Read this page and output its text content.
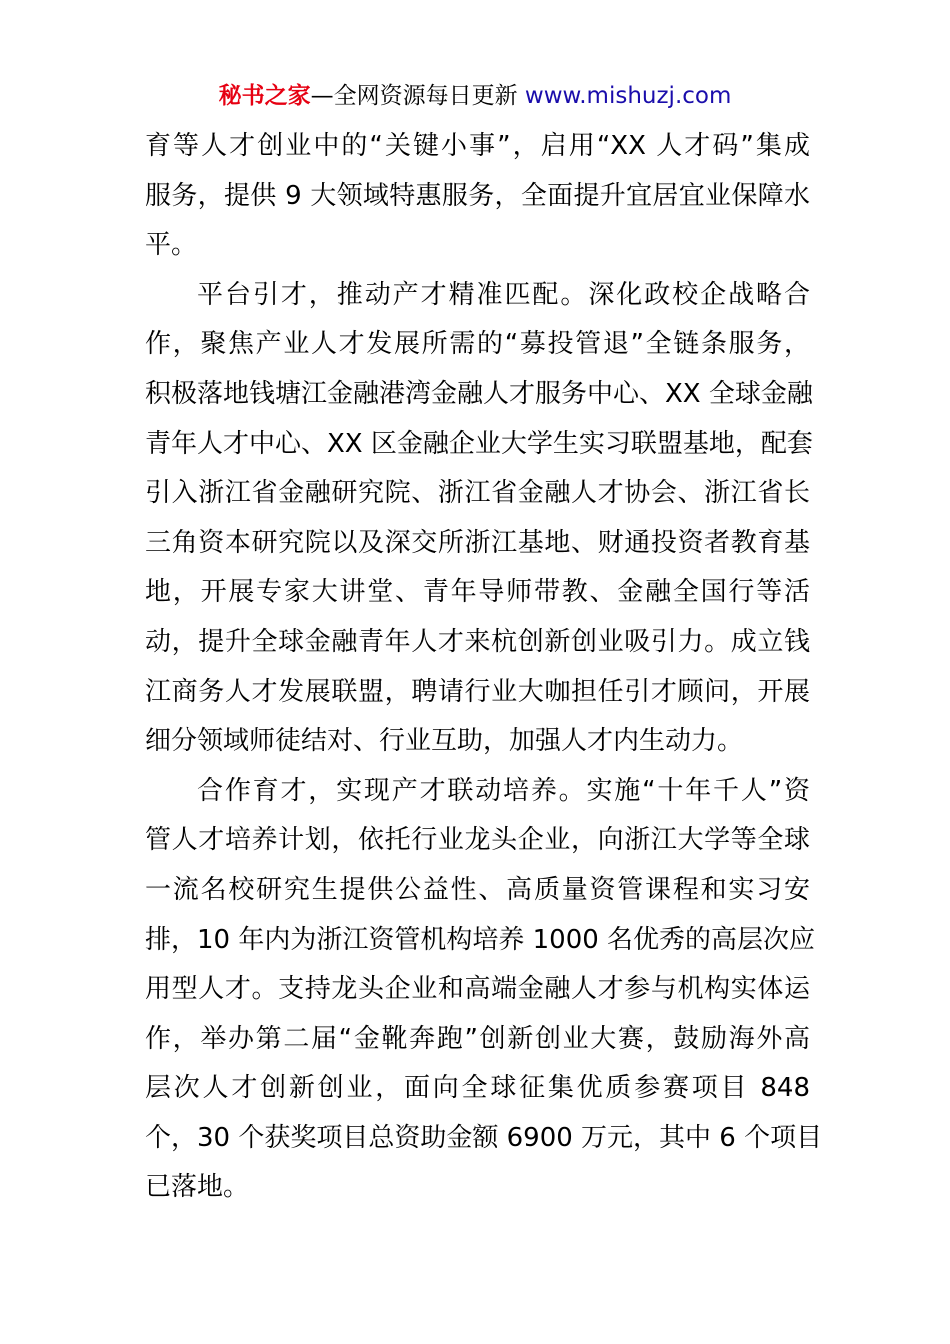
秘书之家—全网资源每日更新 www.mishuzj.com
育等人才创业中的“关键小事”，启用“XX 人才码”集成
服务，提供 9 大领域特惠服务，全面提升宜居宜业保障水
平。
平台引才，推动产才精准匹配。深化政校企战略合
作，聚焦产业人才发展所需的“募投管退”全链条服务，
积极落地钱塘江金融港湾金融人才服务中心、XX 全球金融
青年人才中心、XX 区金融企业大学生实习联盟基地，配套
引入浙江省金融研究院、浙江省金融人才协会、浙江省长
三角资本研究院以及深交所浙江基地、财通投资者教育基
地，开展专家大讲堂、青年导师带教、金融全国行等活
动，提升全球金融青年人才来杭创新创业吸引力。成立钱
江商务人才发展联盟，聘请行业大咖担任引才顾问，开展
细分领域师徒结对、行业互助，加强人才内生动力。
合作育才，实现产才联动培养。实施“十年千人”资
管人才培养计划，依托行业龙头企业，向浙江大学等全球
一流名校研究生提供公益性、高质量资管课程和实习安
排，10 年内为浙江资管机构培养 1000 名优秀的高层次应
用型人才。支持龙头企业和高端金融人才参与机构实体运
作，举办第二届“金靴奔跑”创新创业大赛，鼓励海外高
层次人才创新创业，面向全球征集优质参赛项目 848
个，30 个获奖项目总资助金额 6900 万元，其中 6 个项目
已落地。
